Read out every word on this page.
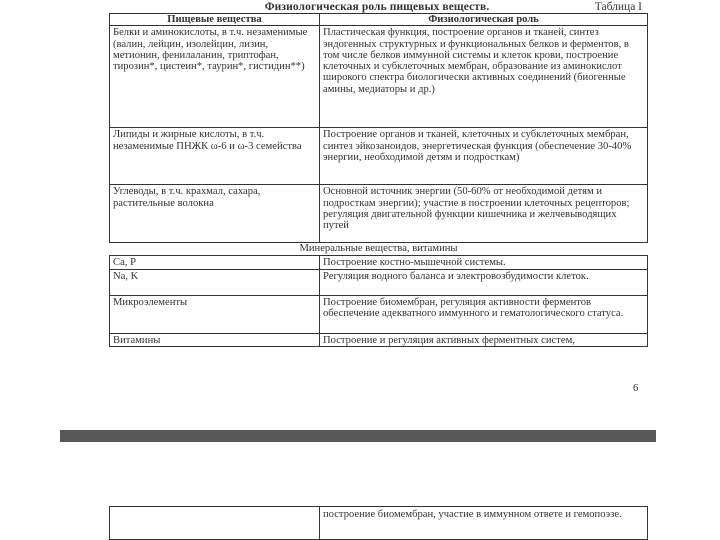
Физиологическая роль пищевых веществ.	Таблица I
Пищевые вещества	Физиологическая роль
Белки и аминокислоты, в т.ч. незаменимые (валин, лейцин, изолейцин, лизин, метионин, фенилаланин, триптофан, тирозин*, цистеин*, таурин*, гистидин**)	Пластическая функция, построение органов и тканей, синтез эндогенных структурных и функциональных белков и ферментов, в том числе белков иммунной системы и клеток крови, построение клеточных и субклеточных мембран, образование из аминокислот широкого спектра биологически активных соединений (биогенные амины, медиаторы и др.)
Липиды и жирные кислоты, в т.ч. незаменимые ПНЖК ω-6 и ω-3 семейства	Построение органов и тканей, клеточных и субклеточных мембран, синтез эйкозаноидов, энергетическая функция (обеспечение 30-40% энергии, необходимой детям и подросткам)
Углеводы, в т.ч. крахмал, сахара, растительные волокна	Основной источник энергии (50-60% от необходимой детям и подросткам энергии); участие в построении клеточных рецепторов; регуляция двигательной функции кишечника и желчевыводящих путей
Минеральные вещества, витамины	
Ca, P	Построение костно-мышечной системы.
Na, K	Регуляция водного баланса и электровозбудимости клеток.
Микроэлементы	Построение биомембран, регуляция активности ферментов обеспечение адекватного иммунного и гематологического статуса.
Витамины	Построение и регуляция активных ферментных систем,
6
	построение биомембран, участие в иммунном ответе и гемопоэзе.
